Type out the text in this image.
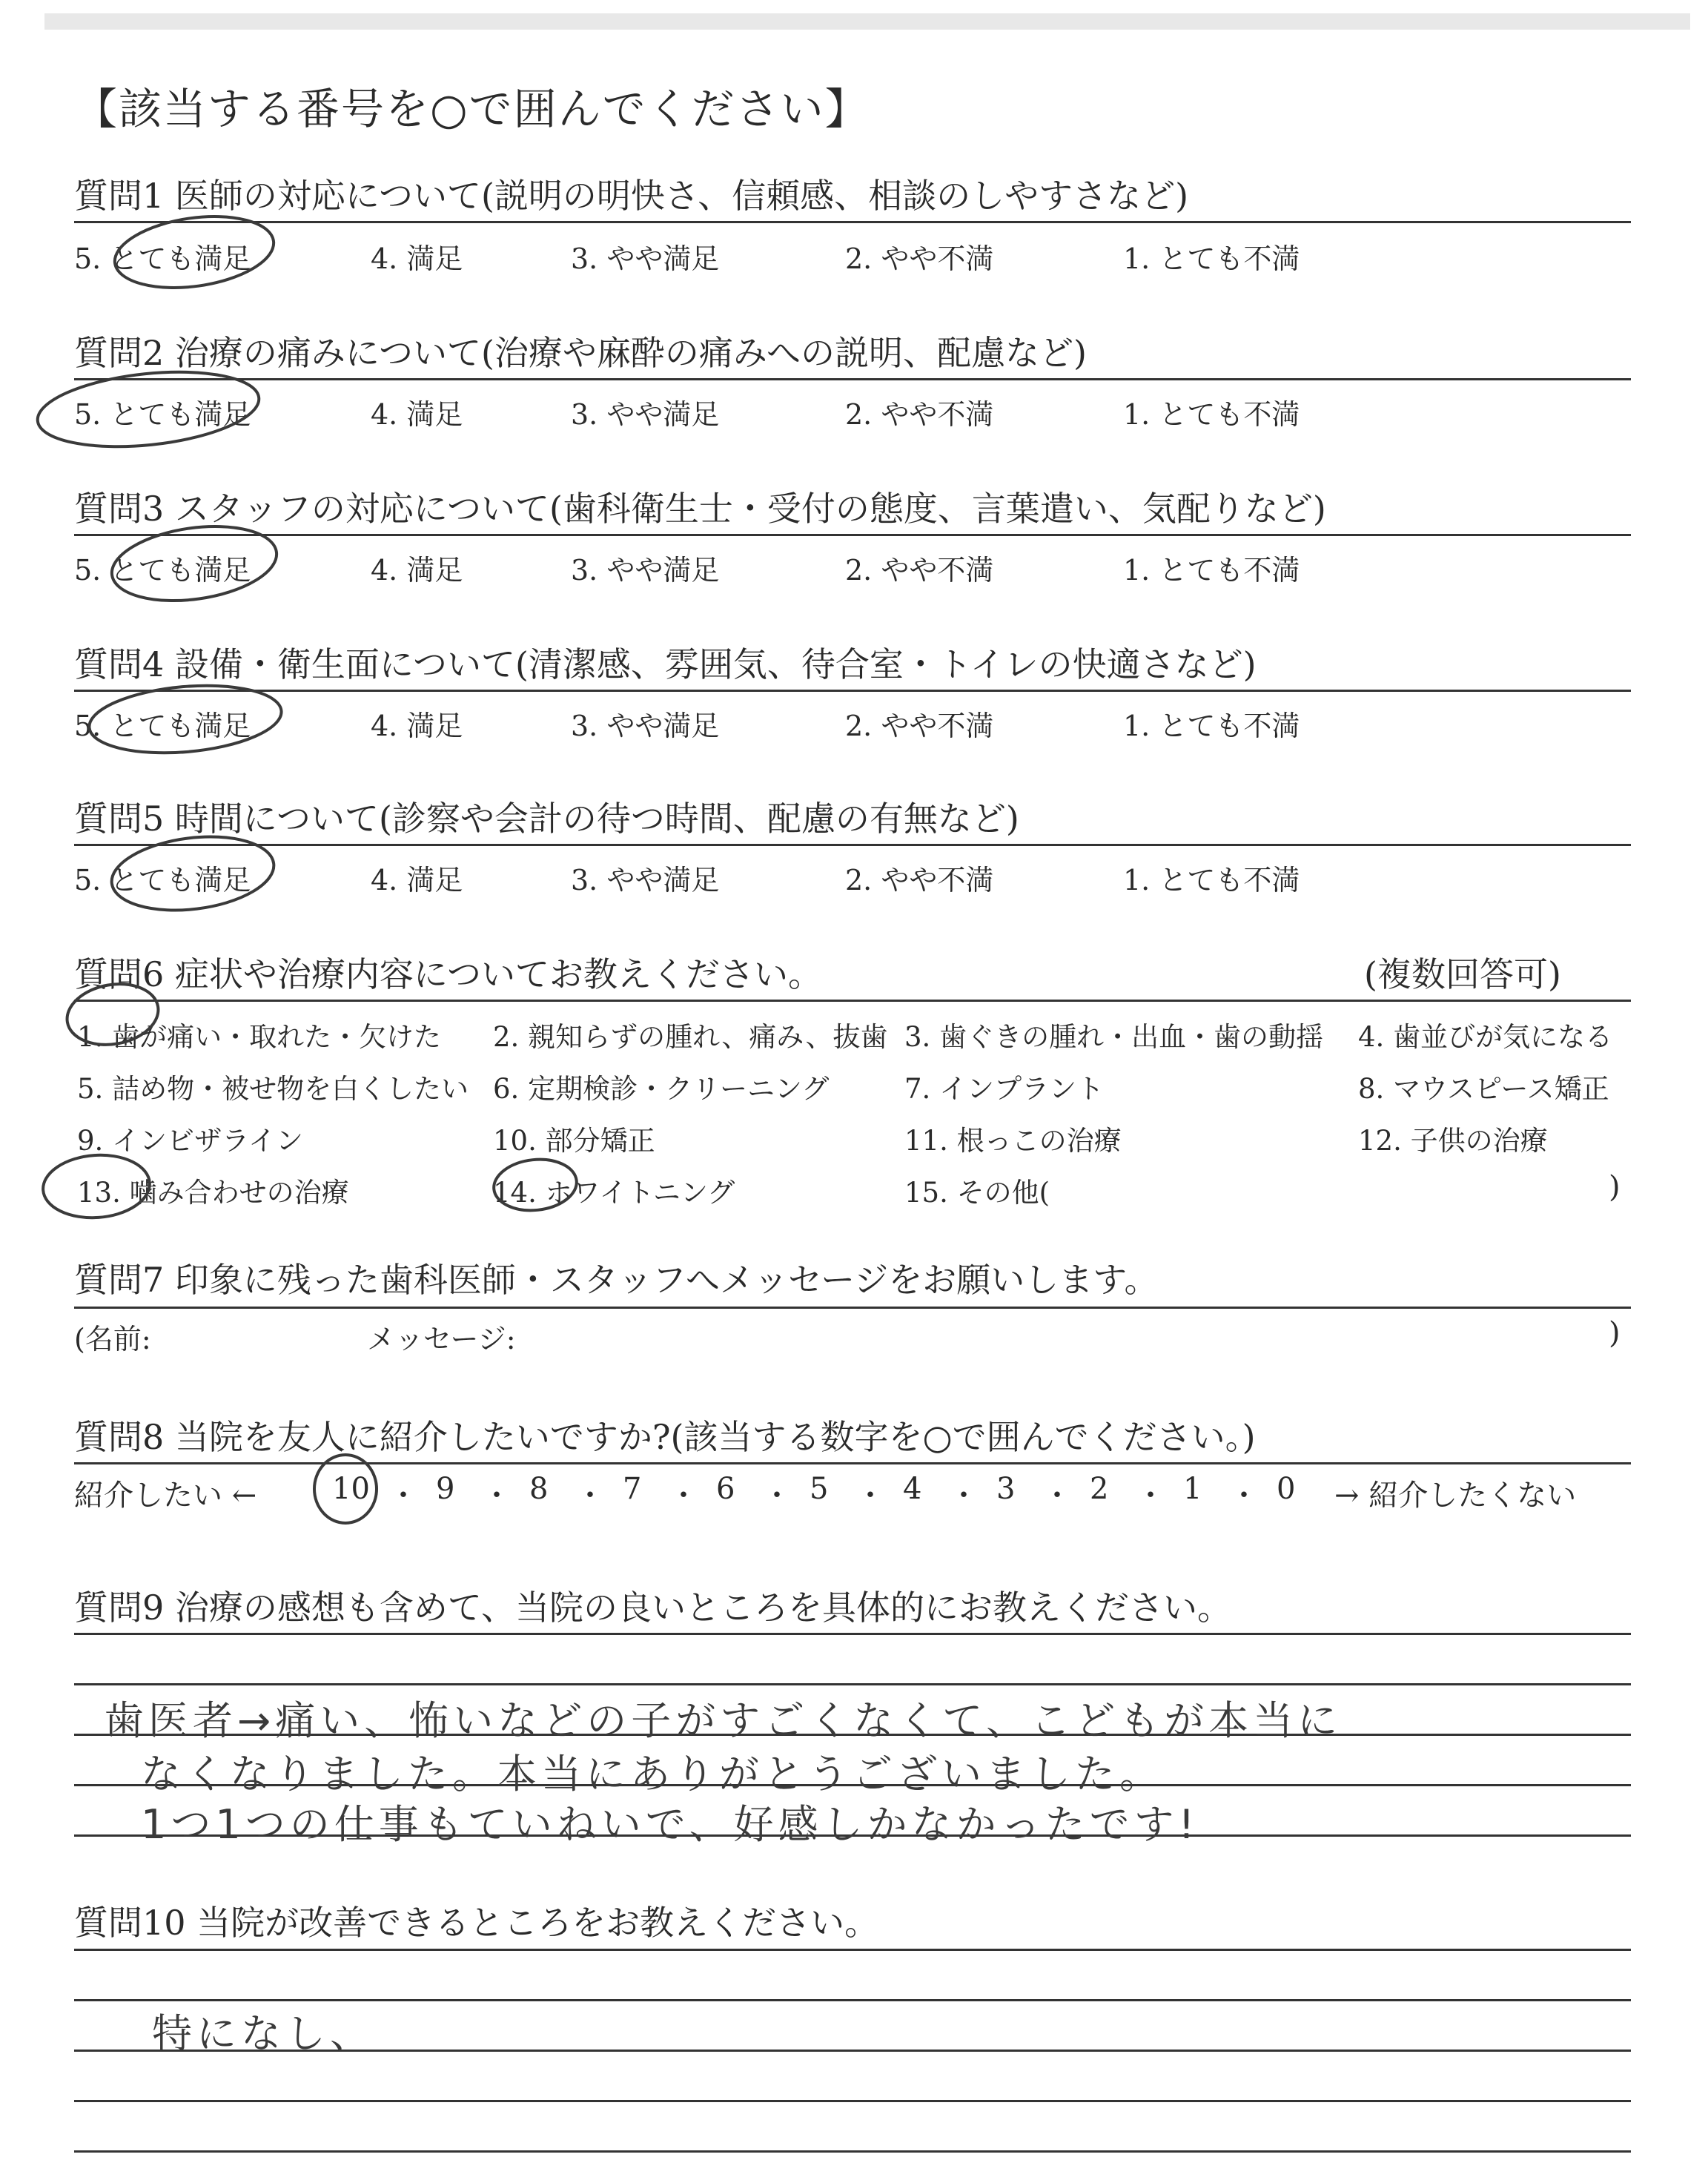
【該当する番号を○で囲んでください】
質問1 医師の対応について(説明の明快さ、信頼感、相談のしやすさなど)
5. とても満足	4. 満足	3. やや満足	2. やや不満	1. とても不満
質問2 治療の痛みについて(治療や麻酔の痛みへの説明、配慮など)
5. とても満足	4. 満足	3. やや満足	2. やや不満	1. とても不満
質問3 スタッフの対応について(歯科衛生士・受付の態度、言葉遣い、気配りなど)
5. とても満足	4. 満足	3. やや満足	2. やや不満	1. とても不満
質問4 設備・衛生面について(清潔感、雰囲気、待合室・トイレの快適さなど)
5. とても満足	4. 満足	3. やや満足	2. やや不満	1. とても不満
質問5 時間について(診察や会計の待つ時間、配慮の有無など)
5. とても満足	4. 満足	3. やや満足	2. やや不満	1. とても不満
質問6 症状や治療内容についてお教えください。	(複数回答可)
1. 歯が痛い・取れた・欠けた 2. 親知らずの腫れ、痛み、抜歯 3. 歯ぐきの腫れ・出血・歯の動揺 4. 歯並びが気になる
5. 詰め物・被せ物を白くしたい 6. 定期検診・クリーニング	7. インプラント	8. マウスピース矯正
9. インビザライン	10. 部分矯正	11. 根っこの治療	12. 子供の治療
13. 噛み合わせの治療	14. ホワイトニング	15. その他(	)
質問7 印象に残った歯科医師・スタッフへメッセージをお願いします。
(名前:	メッセージ:	)
質問8 当院を友人に紹介したいですか?(該当する数字を○で囲んでください。)
紹介したい ←	10 ・ 9 ・ 8 ・ 7 ・ 6 ・ 5 ・ 4 ・ 3 ・ 2 ・ 1 ・ 0 → 紹介したくない
質問9 治療の感想も含めて、当院の良いところを具体的にお教えください。
歯医者→痛い、怖いなどの子がすごくなくて、こどもが本当に
なくなりました。本当にありがとうございました。
1つ1つの仕事もていねいで、好感しかなかったです!
質問10 当院が改善できるところをお教えください。
特になし、
